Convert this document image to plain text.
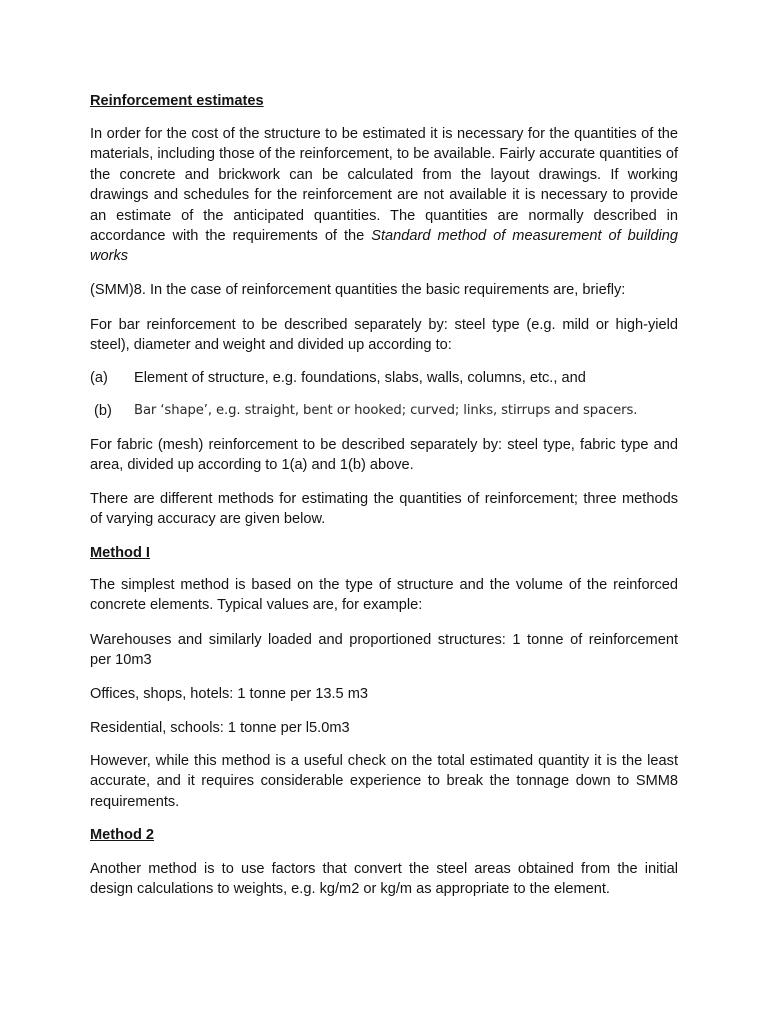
Reinforcement estimates

In order for the cost of the structure to be estimated it is necessary for the quantities of the materials, including those of the reinforcement, to be available. Fairly accurate quantities of the concrete and brickwork can be calculated from the layout drawings. If working drawings and schedules for the reinforcement are not available it is necessary to provide an estimate of the anticipated quantities. The quantities are normally described in accordance with the requirements of the Standard method of measurement of building works

(SMM)8. In the case of reinforcement quantities the basic requirements are, briefly:

For bar reinforcement to be described separately by: steel type (e.g. mild or high-yield steel), diameter and weight and divided up according to:

(a) Element of structure, e.g. foundations, slabs, walls, columns, etc., and
(b) Bar ‘shape’, e.g. straight, bent or hooked; curved; links, stirrups and spacers.

For fabric (mesh) reinforcement to be described separately by: steel type, fabric type and area, divided up according to 1(a) and 1(b) above.

There are different methods for estimating the quantities of reinforcement; three methods of varying accuracy are given below.

Method I

The simplest method is based on the type of structure and the volume of the reinforced concrete elements. Typical values are, for example:

Warehouses and similarly loaded and proportioned structures: 1 tonne of reinforcement per 10m3

Offices, shops, hotels: 1 tonne per 13.5 m3

Residential, schools: 1 tonne per l5.0m3

However, while this method is a useful check on the total estimated quantity it is the least accurate, and it requires considerable experience to break the tonnage down to SMM8 requirements.

Method 2

Another method is to use factors that convert the steel areas obtained from the initial design calculations to weights, e.g. kg/m2 or kg/m as appropriate to the element.
